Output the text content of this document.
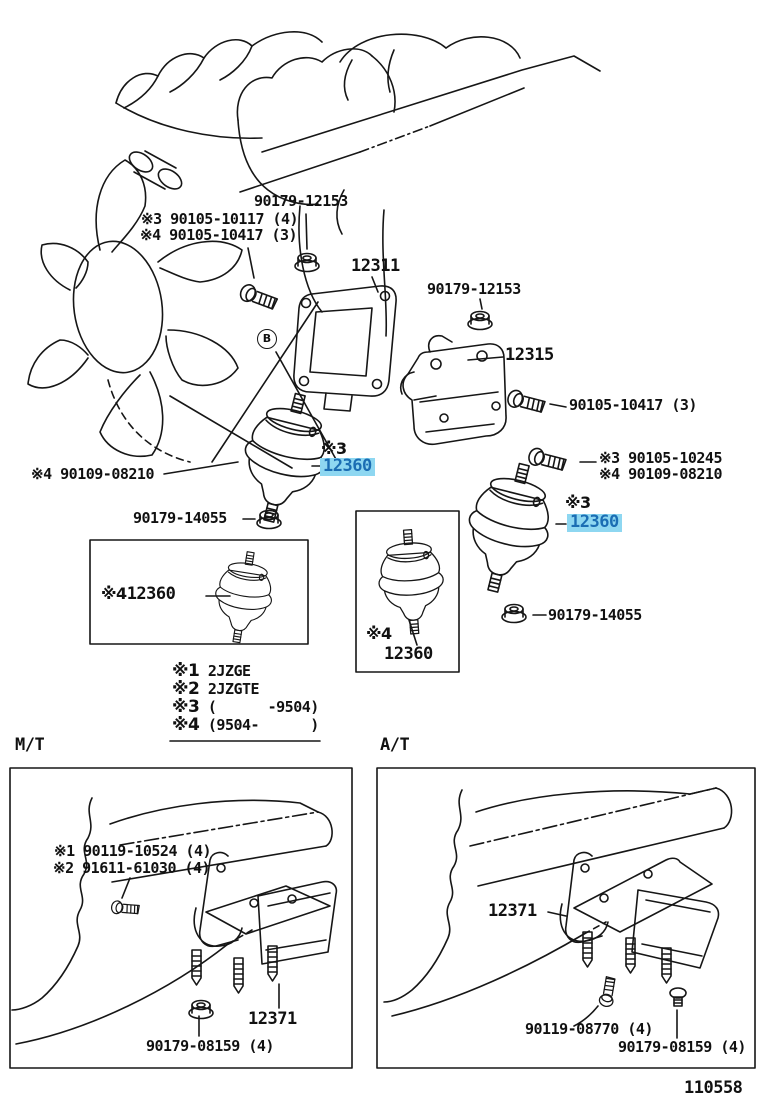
90179-12153
※3 90105-10117 (4)
※4 90105-10417 (3)
12311
90179-12153
12315
90105-10417 (3)
※3 90105-10245
※4 90109-08210
※3
12360
※4 90109-08210
90179-14055
※412360
※4
12360
※3
12360
90179-14055
B
※1 2JZGE
※2 2JZGTE
※3 (      -9504)
※4 (9504-      )
M/T	A/T
※1 90119-10524 (4)
※2 91611-61030 (4)
12371
90179-08159 (4)
12371
90119-08770 (4)
90179-08159 (4)
110558
